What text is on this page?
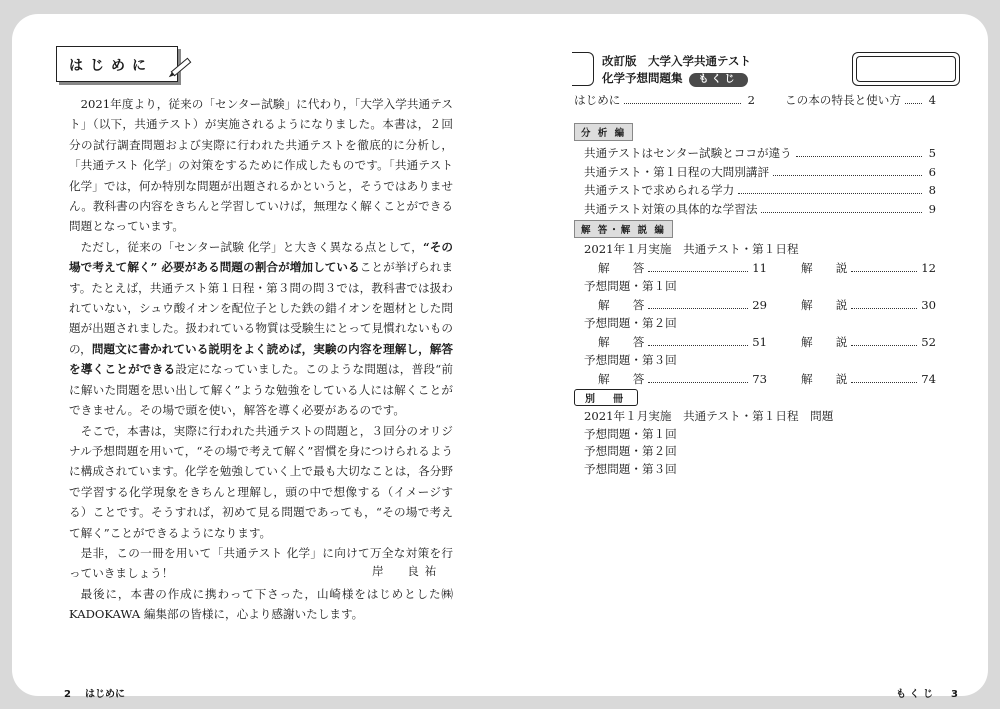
はじめに

2021年度より，従来の「センター試験」に代わり，「大学入学共通テスト」（以下，共通テスト）が実施されるようになりました。本書は，２回分の試行調査問題および実際に行われた共通テストを徹底的に分析し，「共通テスト 化学」の対策をするために作成したものです。「共通テスト 化学」では，何か特別な問題が出題されるかというと，そうではありません。教科書の内容をきちんと学習していけば，無理なく解くことができる問題となっています。

ただし，従来の「センター試験 化学」と大きく異なる点として，“その場で考えて解く” 必要がある問題の割合が増加していることが挙げられます。たとえば，共通テスト第１日程・第３問の問３では，教科書では扱われていない，シュウ酸イオンを配位子とした鉄の錯イオンを題材とした問題が出題されました。扱われている物質は受験生にとって見慣れないものの，問題文に書かれている説明をよく読めば，実験の内容を理解し，解答を導くことができる設定になっていました。このような問題は，普段“前に解いた問題を思い出して解く”ような勉強をしている人には解くことができません。その場で頭を使い，解答を導く必要があるのです。

そこで，本書は，実際に行われた共通テストの問題と，３回分のオリジナル予想問題を用いて，“その場で考えて解く”習慣を身につけられるように構成されています。化学を勉強していく上で最も大切なことは，各分野で学習する化学現象をきちんと理解し，頭の中で想像する（イメージする）ことです。そうすれば，初めて見る問題であっても，“その場で考えて解く”ことができるようになります。

是非，この一冊を用いて「共通テスト 化学」に向けて万全な対策を行っていきましょう！

最後に，本書の作成に携わって下さった，山崎様をはじめとした㈱ KADOKAWA 編集部の皆様に，心より感謝いたします。

岸　良祐
2 はじめに
改訂版　大学入学共通テスト
化学予想問題集 もくじ
はじめに	2	この本の特長と使い方 4
分 析 編
共通テストはセンター試験とココが違う	5
共通テスト・第１日程の大問別講評	6
共通テストで求められる学力	8
共通テスト対策の具体的な学習法	9
解 答・解 説 編
2021年１月実施　共通テスト・第１日程
解　　答	11	解　　説	12
予想問題・第１回
解　　答	29	解　　説	30
予想問題・第２回
解　　答	51	解　　説	52
予想問題・第３回
解　　答	73	解　　説	74
別　冊
2021年１月実施　共通テスト・第１日程　問題
予想問題・第１回
予想問題・第２回
予想問題・第３回
も く じ 3
